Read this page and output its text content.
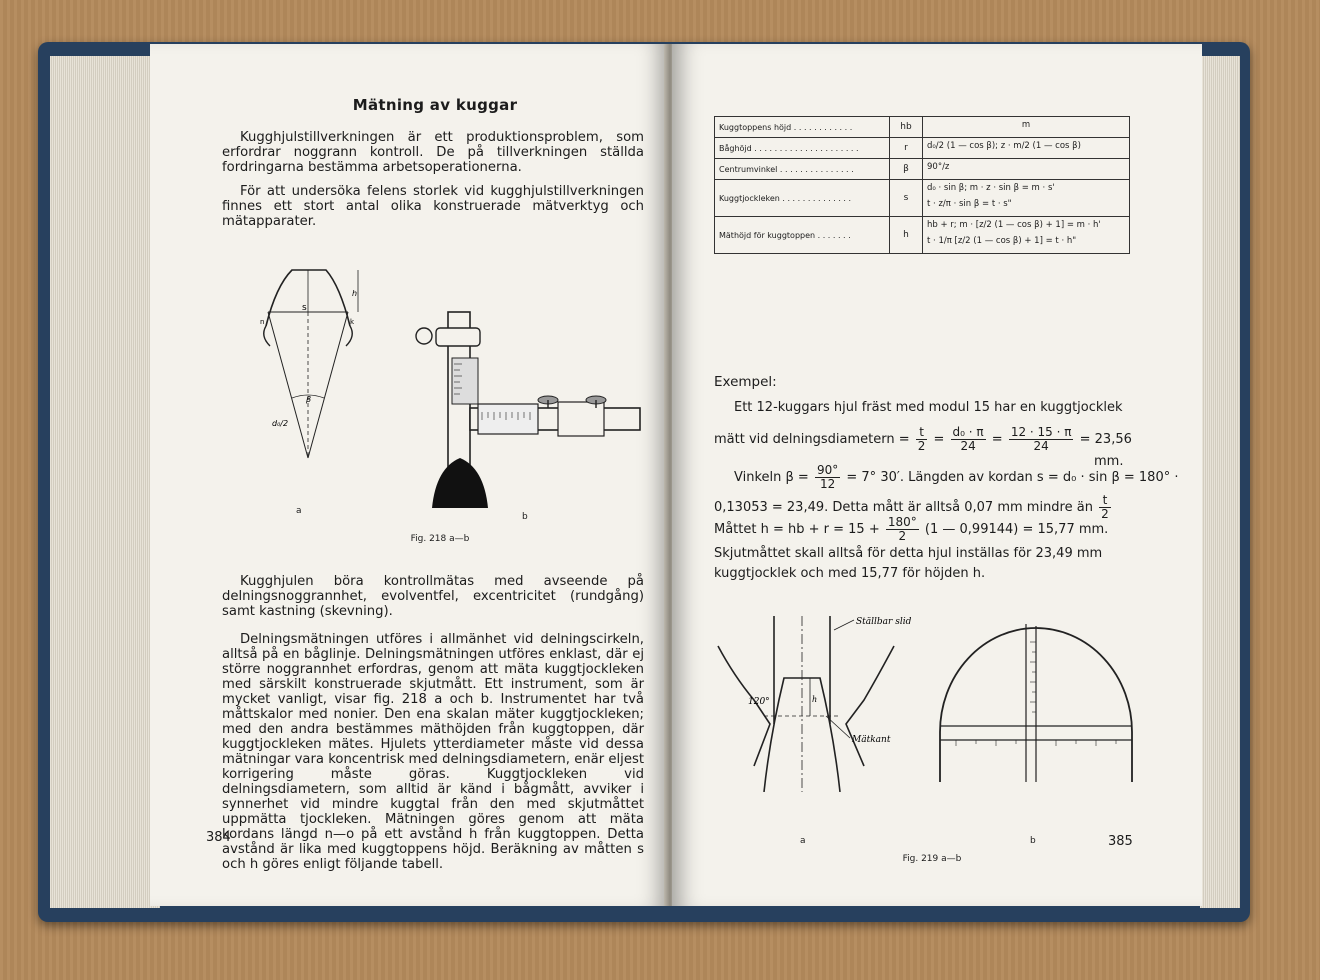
Mätning av kuggar

Kugghjulstillverkningen är ett produktionsproblem, som erfordrar noggrann kontroll. De på tillverkningen ställda fordringarna bestämma arbetsoperationerna.

För att undersöka felens storlek vid kugghjulstillverkningen finnes ett stort antal olika konstruerade mätverktyg och mätapparater.

s
h
β
d₀/2
n	k
a
b
Fig. 218 a—b

Kugghjulen böra kontrollmätas med avseende på delningsnoggrannhet, evolventfel, excentricitet (rundgång) samt kastning (skevning).

Delningsmätningen utföres i allmänhet vid delningscirkeln, alltså på en båglinje. Delningsmätningen utföres enklast, där ej större noggrannhet erfordras, genom att mäta kuggtjockleken med särskilt konstruerade skjutmått. Ett instrument, som är mycket vanligt, visar fig. 218 a och b. Instrumentet har två måttskalor med nonier. Den ena skalan mäter kuggtjockleken; med den andra bestämmes mäthöjden från kuggtoppen, där kuggtjockleken mätes. Hjulets ytterdiameter måste vid dessa mätningar vara koncentrisk med delningsdiametern, enär eljest korrigering måste göras. Kuggtjockleken vid delningsdiametern, som alltid är känd i bågmått, avviker i synnerhet vid mindre kuggtal från den med skjutmåttet uppmätta tjockleken. Mätningen göres genom att mäta kordans längd n—o på ett avstånd h från kuggtoppen. Detta avstånd är lika med kuggtoppens höjd. Beräkning av måtten s och h göres enligt följande tabell.

384
Kuggtoppens höjd . . . . . . . . . . . .	hb	m

Båghöjd . . . . . . . . . . . . . . . . . . . . .	r	d₀/2 (1 — cos β); z · m/2 (1 — cos β)

Centrumvinkel . . . . . . . . . . . . . . .	β	90°/z

Kuggtjockleken . . . . . . . . . . . . . .	s	d₀ · sin β; m · z · sin β = m · s'
t · z/π · sin β = t · s"

Mäthöjd för kuggtoppen . . . . . . .	h	hb + r; m · [z/2 (1 — cos β) + 1] = m · h'
t · 1/π [z/2 (1 — cos β) + 1] = t · h"
Exempel:
Ett 12-kuggars hjul fräst med modul 15 har en kuggtjocklek
mätt vid delningsdiametern = $\frac{t}{2} = \frac{\text{d₀ · π}}{24} = \frac{12 \cdot 15 \cdot \pi}{24} = 23,56$
mm.
Vinkeln $\beta = \frac{90^\circ}{12} = 7^\circ$ 30′. Längden av kordan s = d₀ · sin β = 180° ·
0,13053 = 23,49. Detta mått är alltså 0,07 mm mindre än $\frac{t}{2}$
Måttet h = hb + $r = 15 + \frac{180^\circ}{2} (1$ — 0,99144) = 15,77 mm.
Skjutmåttet skall alltså för detta hjul inställas för 23,49 mm
kuggtjocklek och med 15,77 för höjden h.
Ställbar slid
Mätkant
120°	h
a	b
Fig. 219 a—b
385
